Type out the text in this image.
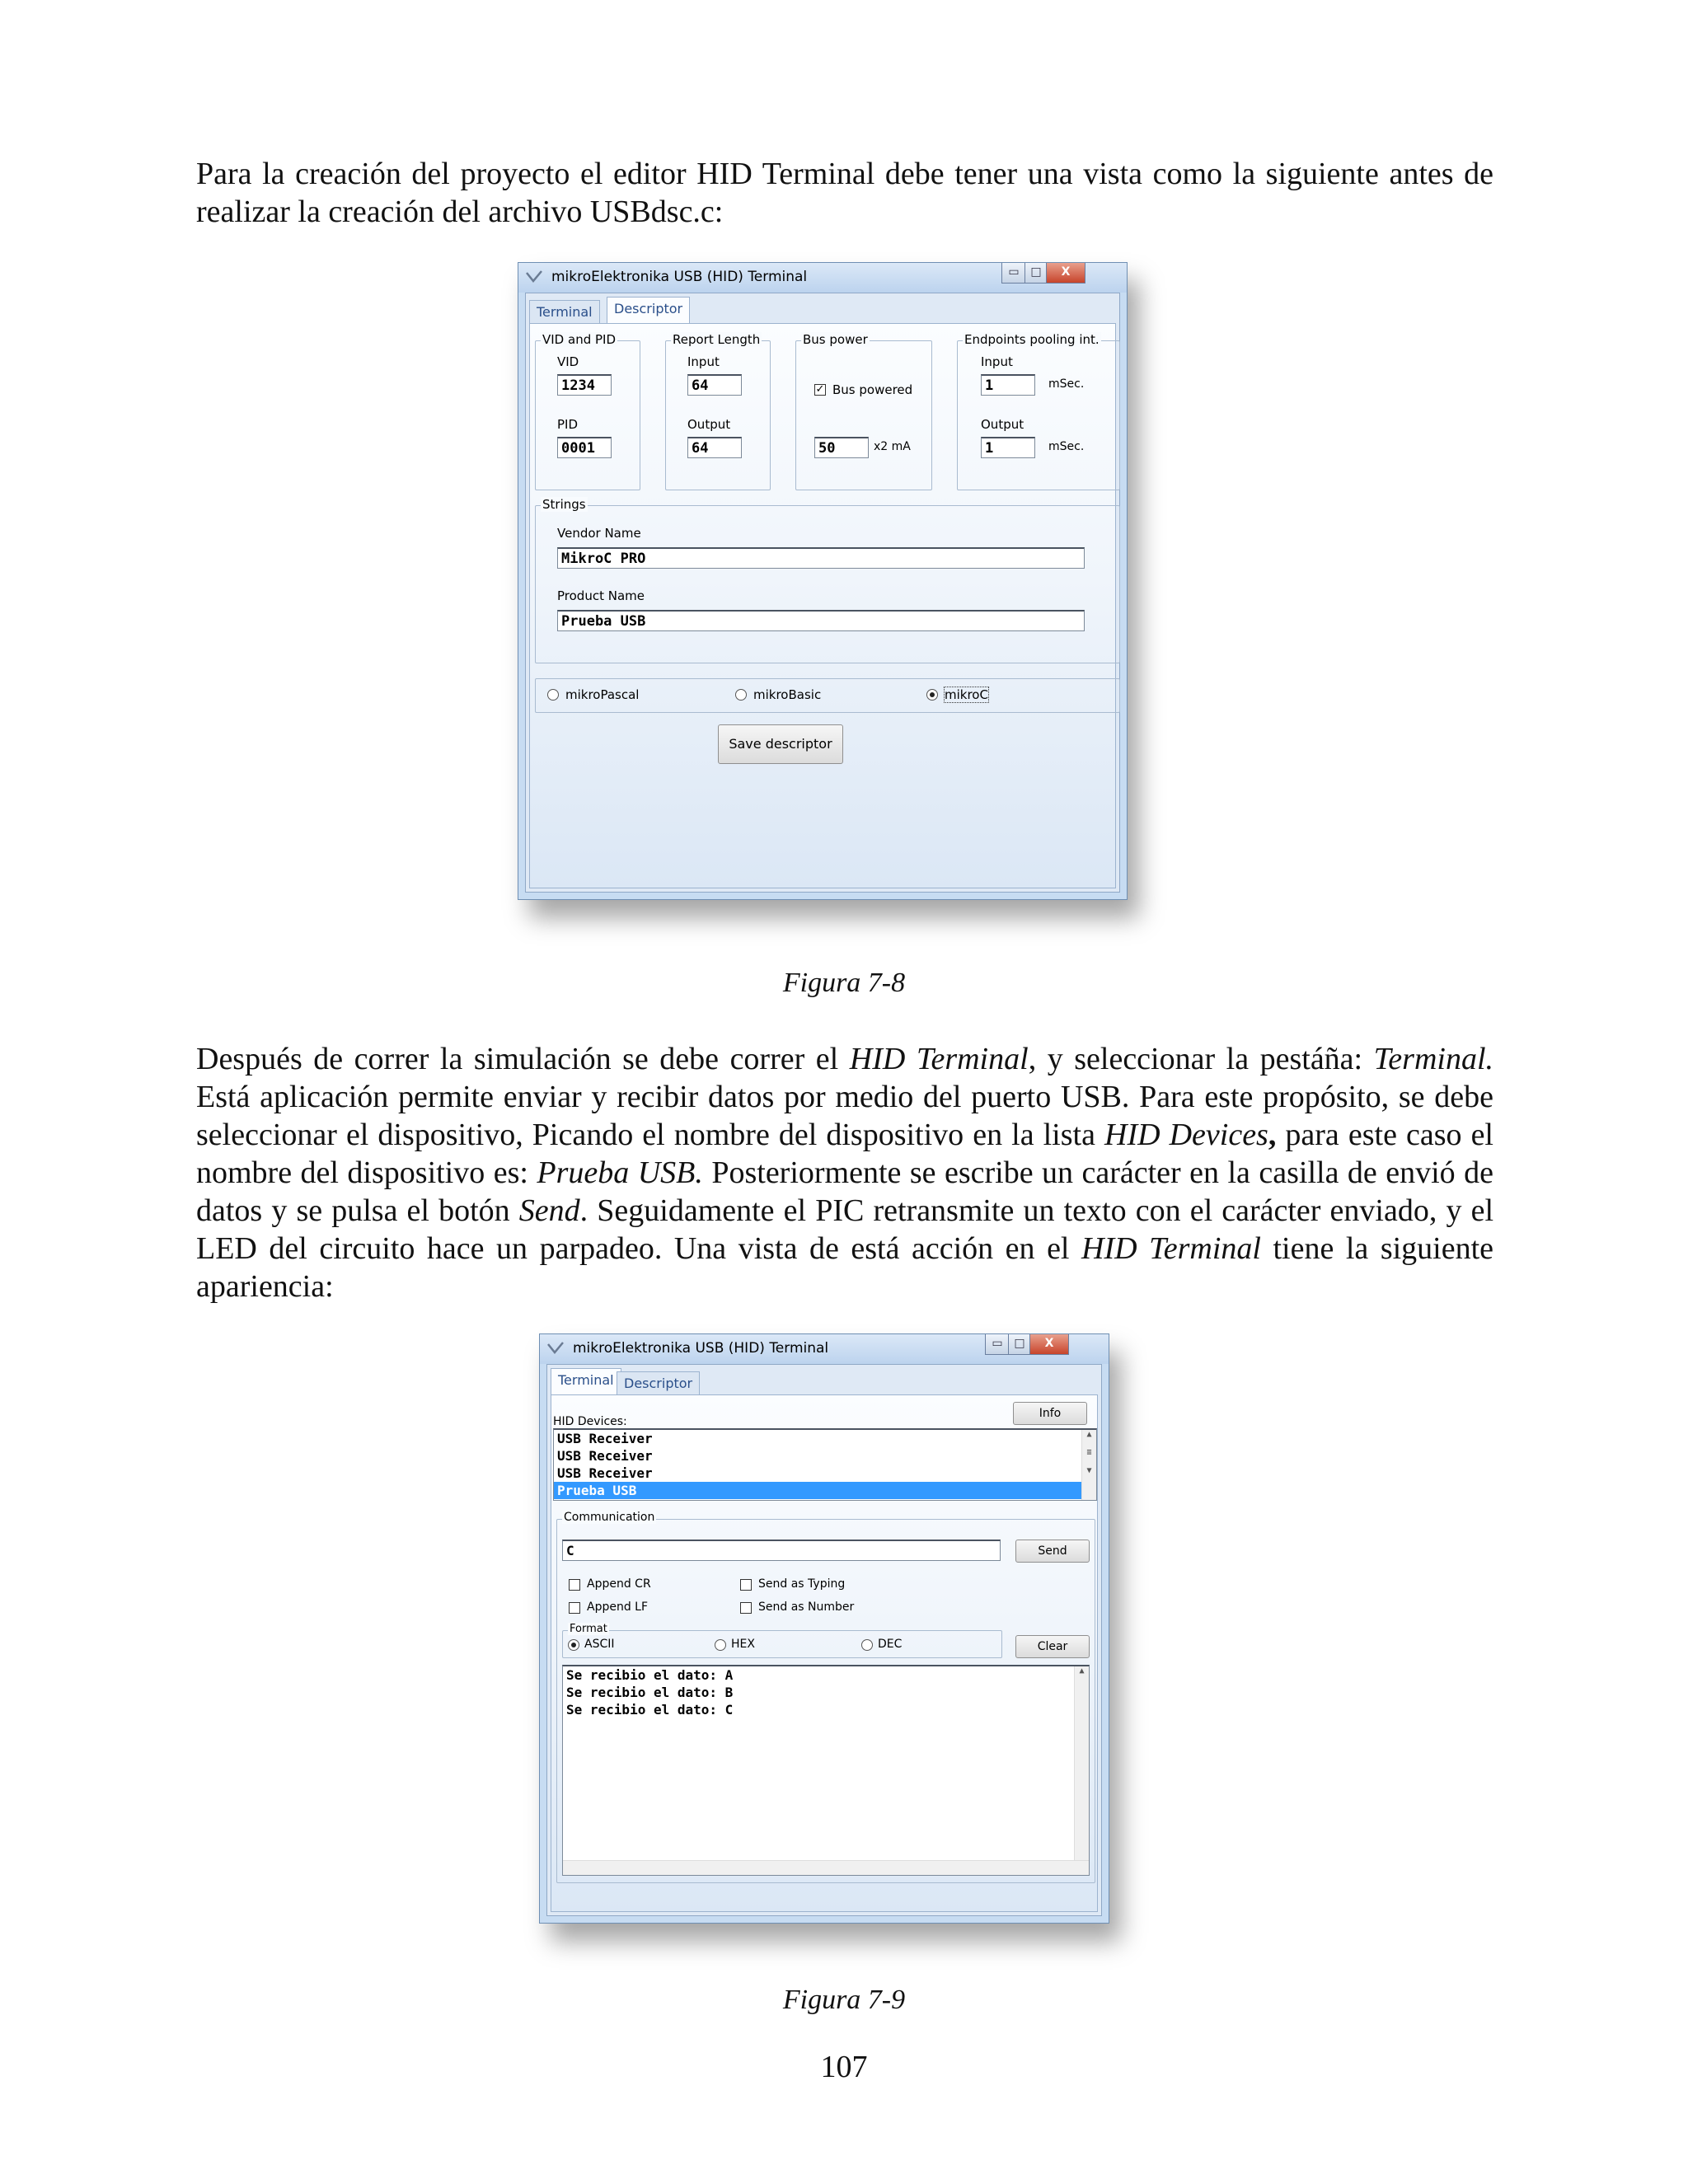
Para la creación del proyecto el editor HID Terminal debe tener una vista como la siguiente antes de realizar la creación del archivo USBdsc.c:

mikroElektronika USB (HID) Terminal	▭ □	X
Terminal	Descriptor
VID and PID
VID
1234
PID
0001
Report Length
Input
64
Output
64
Bus power
✓ Bus powered
50	x2 mA
Endpoints pooling int.
Input
1	mSec.
Output
1	mSec.
Strings
Vendor Name
MikroC PRO
Product Name
Prueba USB
mikroPascal	mikroBasic	mikroC
Save descriptor
Figura 7-8

Después de correr la simulación se debe correr el HID Terminal, y seleccionar la pestáña: Terminal. Está aplicación permite enviar y recibir datos por medio del puerto USB. Para este propósito, se debe seleccionar el dispositivo, Picando el nombre del dispositivo en la lista HID Devices, para este caso el nombre del dispositivo es: Prueba USB. Posteriormente se escribe un carácter en la casilla de envió de datos y se pulsa el botón Send. Seguidamente el PIC retransmite un texto con el carácter enviado, y el LED del circuito hace un parpadeo. Una vista de está acción en el HID Terminal tiene la siguiente apariencia:

mikroElektronika USB (HID) Terminal	▭ □	X
Terminal Descriptor
HID Devices:
Info
USB Receiver
USB Receiver
USB Receiver
Prueba USB
▲

≡

▼
Communication
C	Send
Append CR
Append LF
Send as Typing
Send as Number
Format
ASCII	HEX	DEC	Clear
Se recibio el dato: A
Se recibio el dato: B
Se recibio el dato: C
▲
Figura 7-9
107
